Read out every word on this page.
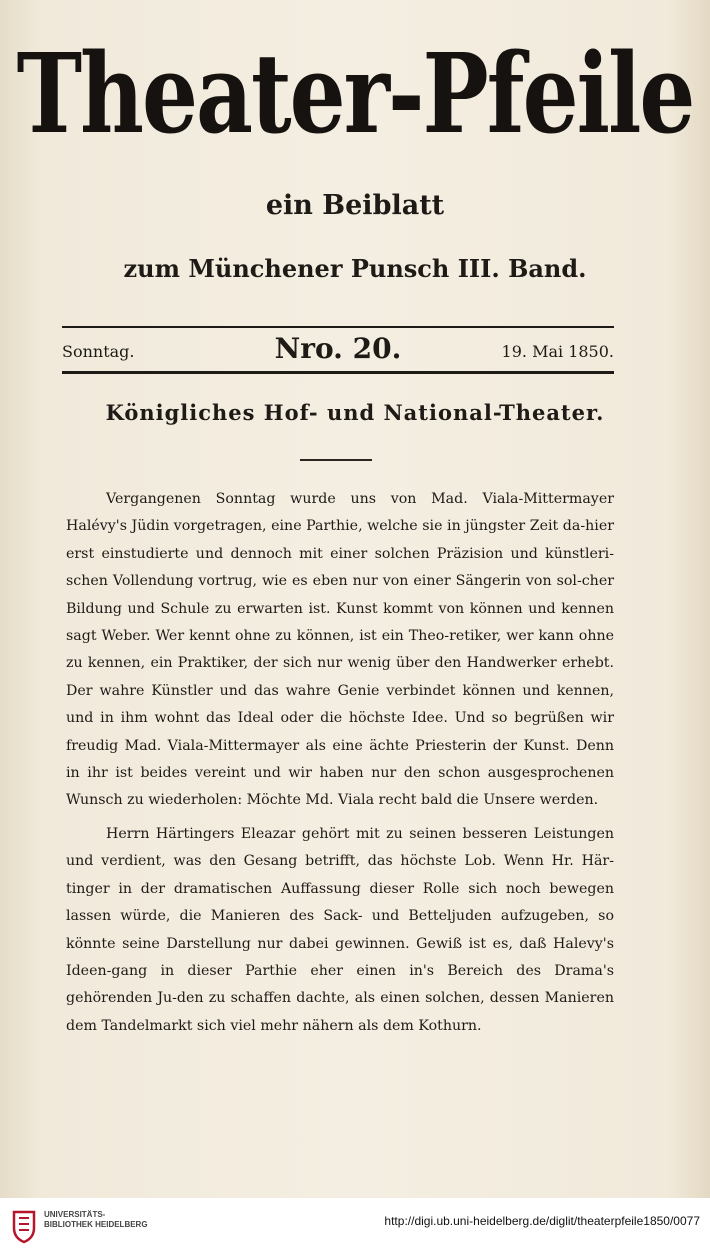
Theater-Pfeile
ein Beiblatt
zum Münchener Punsch III. Band.
Sonntag.	Nro. 20.	19. Mai 1850.
Königliches Hof- und National-Theater.

Vergangenen Sonntag wurde uns von Mad. Viala-Mittermayer Halévy's Jüdin vorgetragen, eine Parthie, welche sie in jüngster Zeit da-hier erst einstudierte und dennoch mit einer solchen Präzision und künstleri-schen Vollendung vortrug, wie es eben nur von einer Sängerin von sol-cher Bildung und Schule zu erwarten ist. Kunst kommt von können und kennen sagt Weber. Wer kennt ohne zu können, ist ein Theo-retiker, wer kann ohne zu kennen, ein Praktiker, der sich nur wenig über den Handwerker erhebt. Der wahre Künstler und das wahre Genie verbindet können und kennen, und in ihm wohnt das Ideal oder die höchste Idee. Und so begrüßen wir freudig Mad. Viala-Mittermayer als eine ächte Priesterin der Kunst. Denn in ihr ist beides vereint und wir haben nur den schon ausgesprochenen Wunsch zu wiederholen: Möchte Md. Viala recht bald die Unsere werden.

Herrn Härtingers Eleazar gehört mit zu seinen besseren Leistungen und verdient, was den Gesang betrifft, das höchste Lob. Wenn Hr. Här-tinger in der dramatischen Auffassung dieser Rolle sich noch bewegen lassen würde, die Manieren des Sack- und Betteljuden aufzugeben, so könnte seine Darstellung nur dabei gewinnen. Gewiß ist es, daß Halevy's Ideen-gang in dieser Parthie eher einen in's Bereich des Drama's gehörenden Ju-den zu schaffen dachte, als einen solchen, dessen Manieren dem Tandelmarkt sich viel mehr nähern als dem Kothurn.

UNIVERSITÄTS-BIBLIOTHEK HEIDELBERG	http://digi.ub.uni-heidelberg.de/diglit/theaterpfeile1850/0077
